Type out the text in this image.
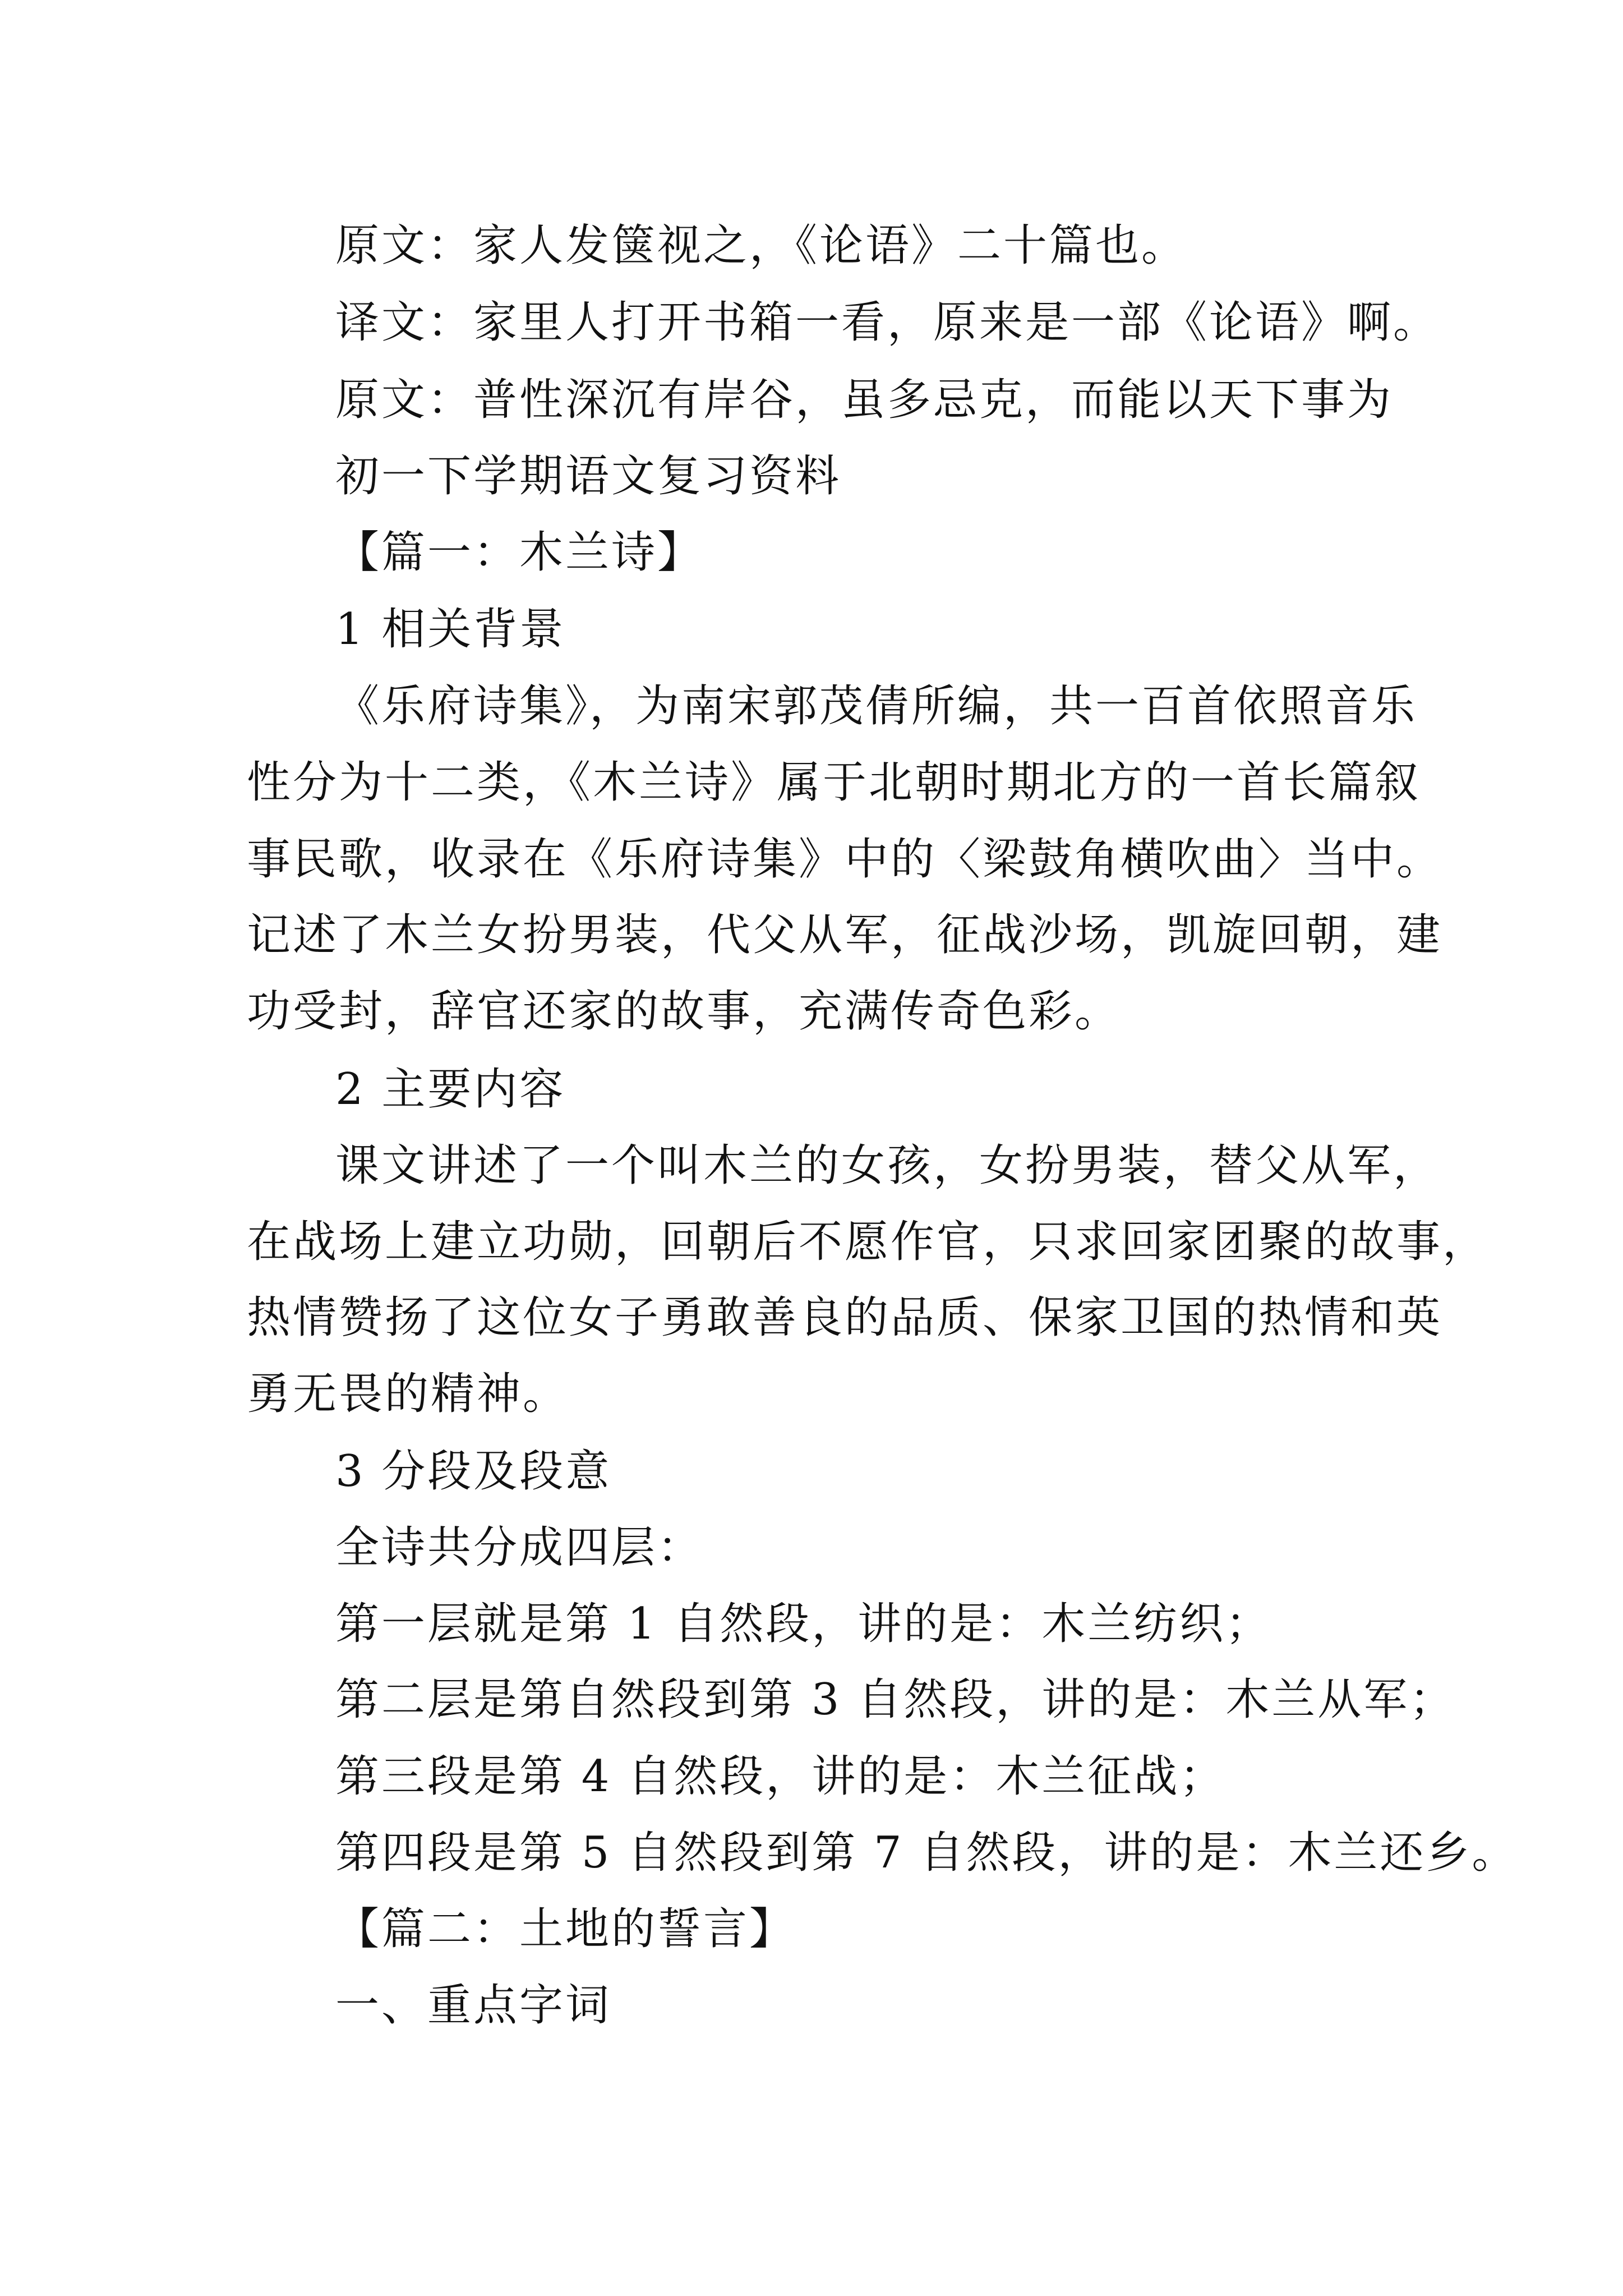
原文：家人发箧视之，《论语》二十篇也。
译文：家里人打开书箱一看，原来是一部《论语》啊。
原文：普性深沉有岸谷，虽多忌克，而能以天下事为
初一下学期语文复习资料
【篇一：木兰诗】
1 相关背景
《乐府诗集》，为南宋郭茂倩所编，共一百首依照音乐
性分为十二类，《木兰诗》属于北朝时期北方的一首长篇叙
事民歌，收录在《乐府诗集》中的〈梁鼓角横吹曲〉当中。
记述了木兰女扮男装，代父从军，征战沙场，凯旋回朝，建
功受封，辞官还家的故事，充满传奇色彩。
2 主要内容
课文讲述了一个叫木兰的女孩，女扮男装，替父从军，
在战场上建立功勋，回朝后不愿作官，只求回家团聚的故事，
热情赞扬了这位女子勇敢善良的品质、保家卫国的热情和英
勇无畏的精神。
3 分段及段意
全诗共分成四层：
第一层就是第 1 自然段，讲的是：木兰纺织；
第二层是第自然段到第 3 自然段，讲的是：木兰从军；
第三段是第 4 自然段，讲的是：木兰征战；
第四段是第 5 自然段到第 7 自然段，讲的是：木兰还乡。
【篇二：土地的誓言】
一、重点字词
